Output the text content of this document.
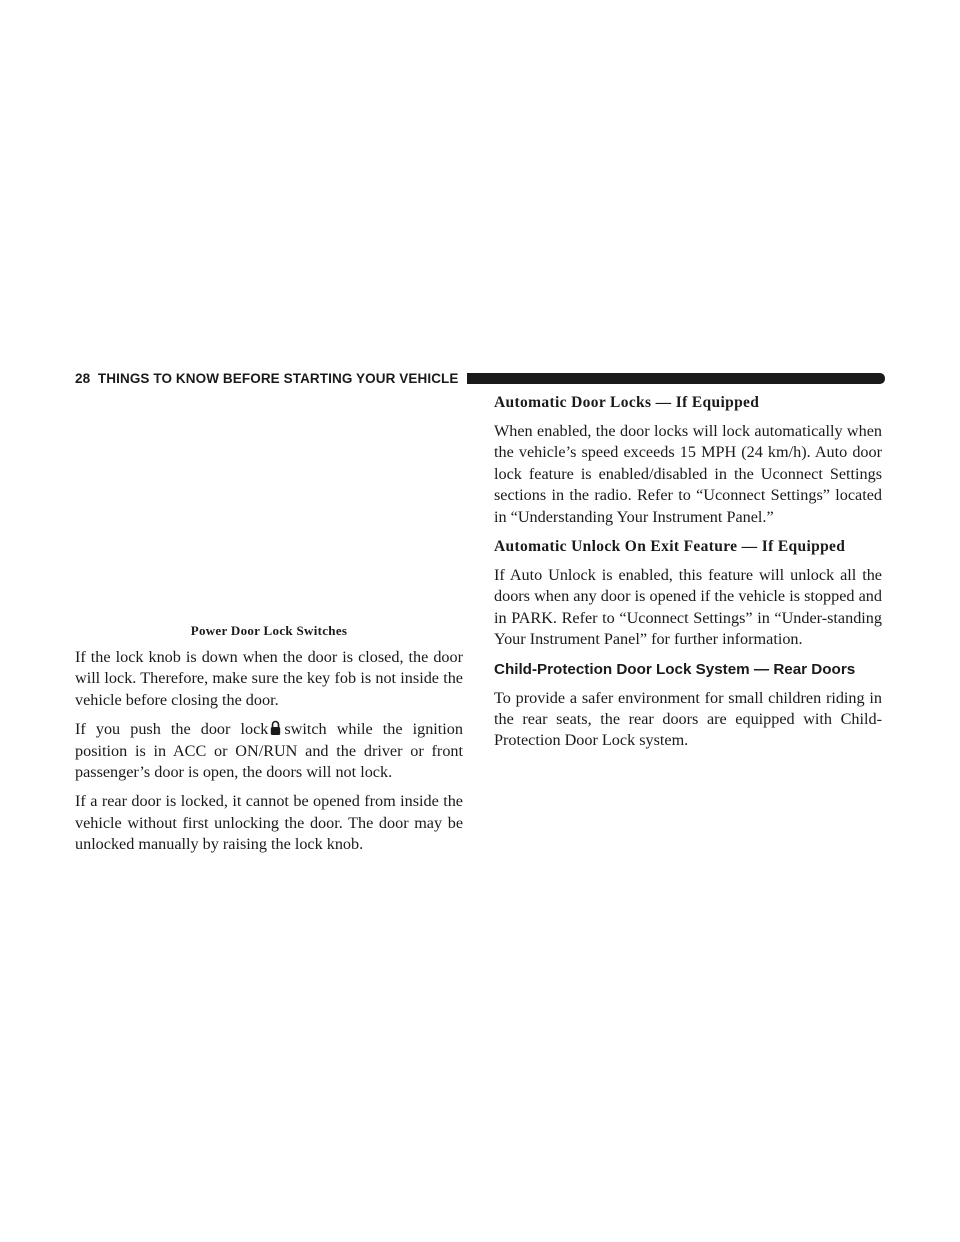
28 THINGS TO KNOW BEFORE STARTING YOUR VEHICLE
Power Door Lock Switches

If the lock knob is down when the door is closed, the door will lock. Therefore, make sure the key fob is not inside the vehicle before closing the door.

If you push the door lock switch while the ignition position is in ACC or ON/RUN and the driver or front passenger’s door is open, the doors will not lock.

If a rear door is locked, it cannot be opened from inside the vehicle without first unlocking the door. The door may be unlocked manually by raising the lock knob.

Automatic Door Locks — If Equipped

When enabled, the door locks will lock automatically when the vehicle’s speed exceeds 15 MPH (24 km/h). Auto door lock feature is enabled/disabled in the Uconnect Settings sections in the radio. Refer to “Uconnect Settings” located in “Understanding Your Instrument Panel.”

Automatic Unlock On Exit Feature — If Equipped

If Auto Unlock is enabled, this feature will unlock all the doors when any door is opened if the vehicle is stopped and in PARK. Refer to “Uconnect Settings” in “Under-standing Your Instrument Panel” for further information.

Child-Protection Door Lock System — Rear Doors

To provide a safer environment for small children riding in the rear seats, the rear doors are equipped with Child-Protection Door Lock system.
